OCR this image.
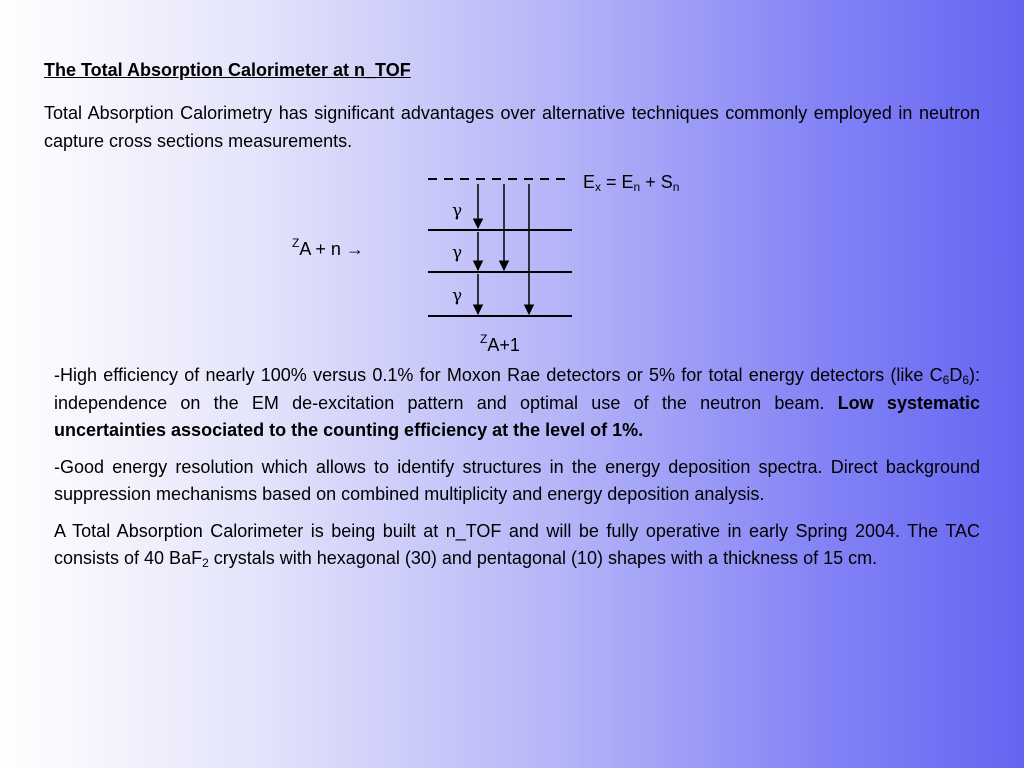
The Total Absorption Calorimeter at n_TOF

Total Absorption Calorimetry has significant advantages over alternative techniques commonly employed in neutron capture cross sections measurements.

$E_x = E_n + S_n$
γ
γ
γ
$^Z$A + n →
$^Z$A+1

-High efficiency of nearly 100% versus 0.1% for Moxon Rae detectors or 5% for total energy detectors (like $C_6D_6$): independence on the EM de-excitation pattern and optimal use of the neutron beam. Low systematic uncertainties associated to the counting efficiency at the level of 1%.

-Good energy resolution which allows to identify structures in the energy deposition spectra. Direct background suppression mechanisms based on combined multiplicity and energy deposition analysis.

A Total Absorption Calorimeter is being built at n_TOF and will be fully operative in early Spring 2004. The TAC consists of 40 BaF$_2$ crystals with hexagonal (30) and pentagonal (10) shapes with a thickness of 15 cm.
